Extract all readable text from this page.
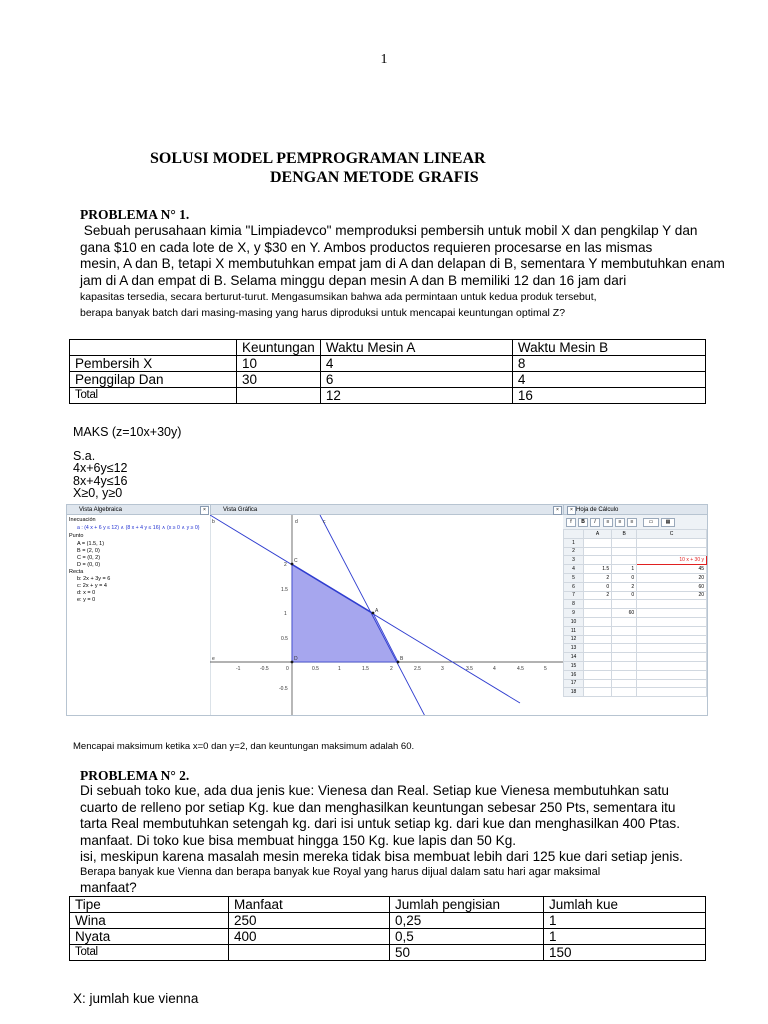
1
SOLUSI MODEL PEMPROGRAMAN LINEAR
DENGAN METODE GRAFIS
PROBLEMA N° 1.
Sebuah perusahaan kimia "Limpiadevco" memproduksi pembersih untuk mobil X dan pengkilap Y dan
gana $10 en cada lote de X, y $30 en Y. Ambos productos requieren procesarse en las mismas
mesin, A dan B, tetapi X membutuhkan empat jam di A dan delapan di B, sementara Y membutuhkan enam
jam di A dan empat di B. Selama minggu depan mesin A dan B memiliki 12 dan 16 jam dari
kapasitas tersedia, secara berturut-turut. Mengasumsikan bahwa ada permintaan untuk kedua produk tersebut,
berapa banyak batch dari masing-masing yang harus diproduksi untuk mencapai keuntungan optimal Z?
	Keuntungan	Waktu Mesin A	Waktu Mesin B
Pembersih X	10	4	8
Penggilap Dan	30	6	4
Total		12	16
MAKS (z=10x+30y)
S.a.
4x+6y≤12
8x+4y≤16
X≥0, y≥0
Vista Algebraica	×
Inecuación
a : (4 x + 6 y ≤ 12) ∧ (8 x + 4 y ≤ 16) ∧ (x ≥ 0 ∧ y ≥ 0)
Punto
A = (1.5, 1)
B = (2, 0)
C = (0, 2)
D = (0, 0)
Recta
b: 2x + 3y = 6
c: 2x + y = 4
d: x = 0
e: y = 0
Vista Gráfica	×
A
B
C
D
b	c
d
e
-1	-0.5	0	0.5	1	1.5	2	2.5	3	3.5	4	4.5	5
2
1.5
1
0.5
-0.5
Hoja de Cálculo
×
f	B	I	≡	≡	≡	▭	▦
	A	B	C
1			
2			
3			10 x + 30 y
4	1.5	1	45
5	2	0	20
6	0	2	60
7	2	0	20
8			
9		60	
10			
11			
12			
13			
14			
15			
16			
17			
18			
Mencapai maksimum ketika x=0 dan y=2, dan keuntungan maksimum adalah 60.
PROBLEMA N° 2.
Di sebuah toko kue, ada dua jenis kue: Vienesa dan Real. Setiap kue Vienesa membutuhkan satu
cuarto de relleno por setiap Kg. kue dan menghasilkan keuntungan sebesar 250 Pts, sementara itu
tarta Real membutuhkan setengah kg. dari isi untuk setiap kg. dari kue dan menghasilkan 400 Ptas.
manfaat. Di toko kue bisa membuat hingga 150 Kg. kue lapis dan 50 Kg.
isi, meskipun karena masalah mesin mereka tidak bisa membuat lebih dari 125 kue dari setiap jenis.
Berapa banyak kue Vienna dan berapa banyak kue Royal yang harus dijual dalam satu hari agar maksimal
manfaat?
Tipe	Manfaat	Jumlah pengisian	Jumlah kue
Wina	250	0,25	1
Nyata	400	0,5	1
Total		50	150
X: jumlah kue vienna
